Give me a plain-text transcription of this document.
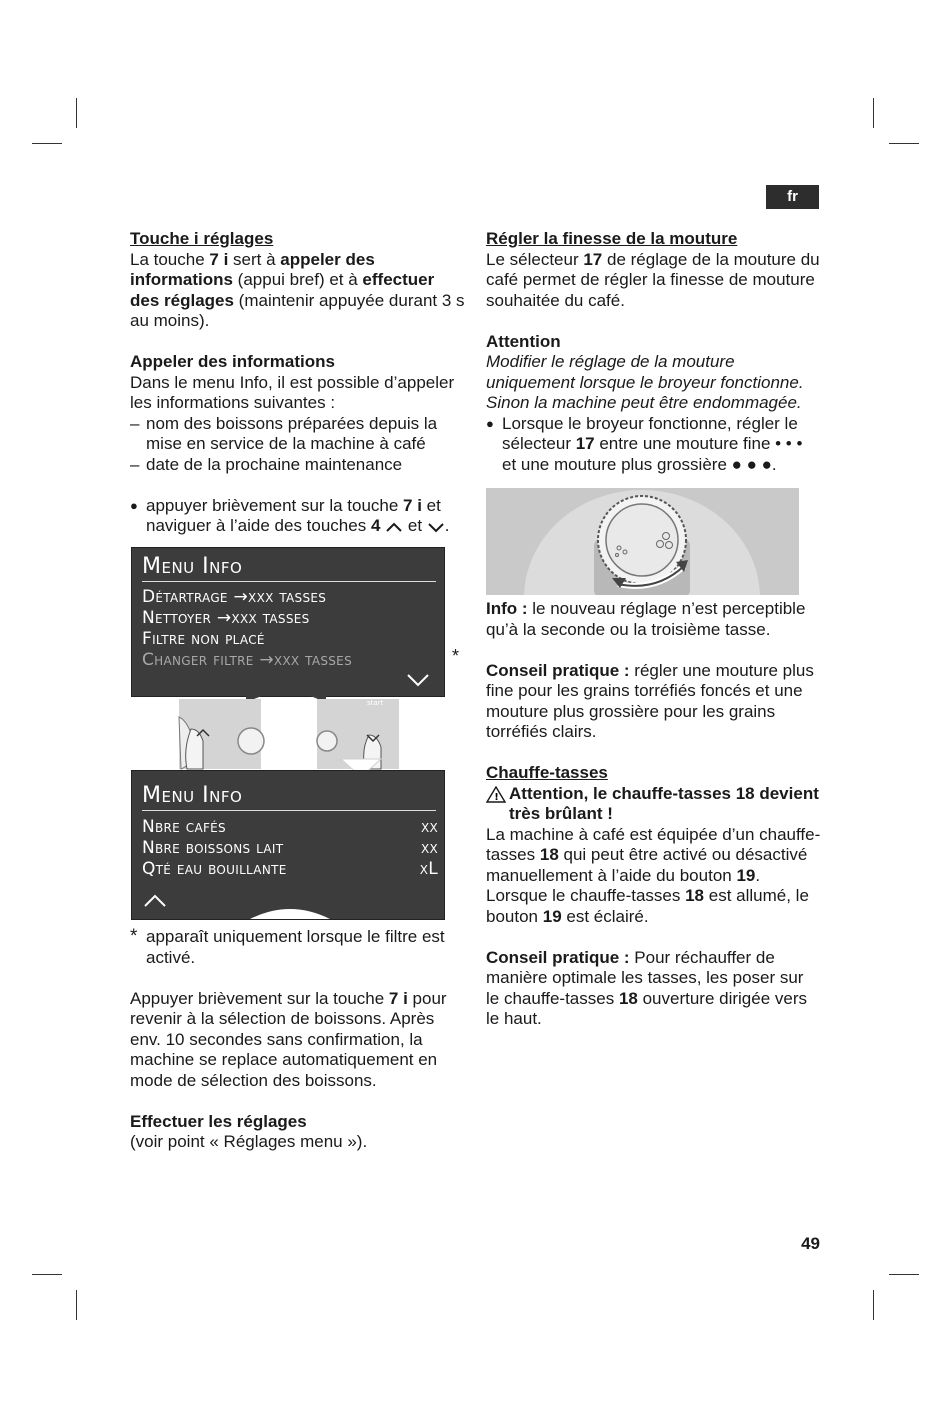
fr

Touche i réglages

La touche 7 i sert à appeler des informations (appui bref) et à effectuer des réglages (maintenir appuyée durant 3 s au moins).

Appeler des informations

Dans le menu Info, il est possible d’appeler les informations suivantes :

– nom des boissons préparées depuis la mise en service de la machine à café
– date de la prochaine maintenance

● appuyer brièvement sur la touche 7 i et naviguer à l’aide des touches 4  et .

Menu Info
Détartrage →xxx tasses
Nettoyer →xxx tasses
Filtre non placé
Changer filtre →xxx tasses	*
start
Menu Info
Nbre cafés	xx
Nbre boissons lait	xx
Qté eau bouillante	xL

* apparaît uniquement lorsque le filtre est activé.

Appuyer brièvement sur la touche 7 i pour revenir à la sélection de boissons. Après env. 10 secondes sans confirmation, la machine se replace automatiquement en mode de sélection des boissons.

Effectuer les réglages

(voir point « Réglages menu »).

Régler la finesse de la mouture

Le sélecteur 17 de réglage de la mouture du café permet de régler la finesse de mouture souhaitée du café.

Attention

Modifier le réglage de la mouture uniquement lorsque le broyeur fonctionne. Sinon la machine peut être endommagée.

● Lorsque le broyeur fonctionne, régler le sélecteur 17 entre une mouture fine • • • et une mouture plus grossière ● ● ●.

Info : le nouveau réglage n’est perceptible qu’à la seconde ou la troisième tasse.

Conseil pratique : régler une mouture plus fine pour les grains torréfiés foncés et une mouture plus grossière pour les grains torréfiés clairs.

Chauffe-tasses

! Attention, le chauffe-tasses 18 devient très brûlant !

La machine à café est équipée d’un chauffe-tasses 18 qui peut être activé ou désactivé manuellement à l’aide du bouton 19. Lorsque le chauffe-tasses 18 est allumé, le bouton 19 est éclairé.

Conseil pratique : Pour réchauffer de manière optimale les tasses, les poser sur le chauffe-tasses 18 ouverture dirigée vers le haut.

49
